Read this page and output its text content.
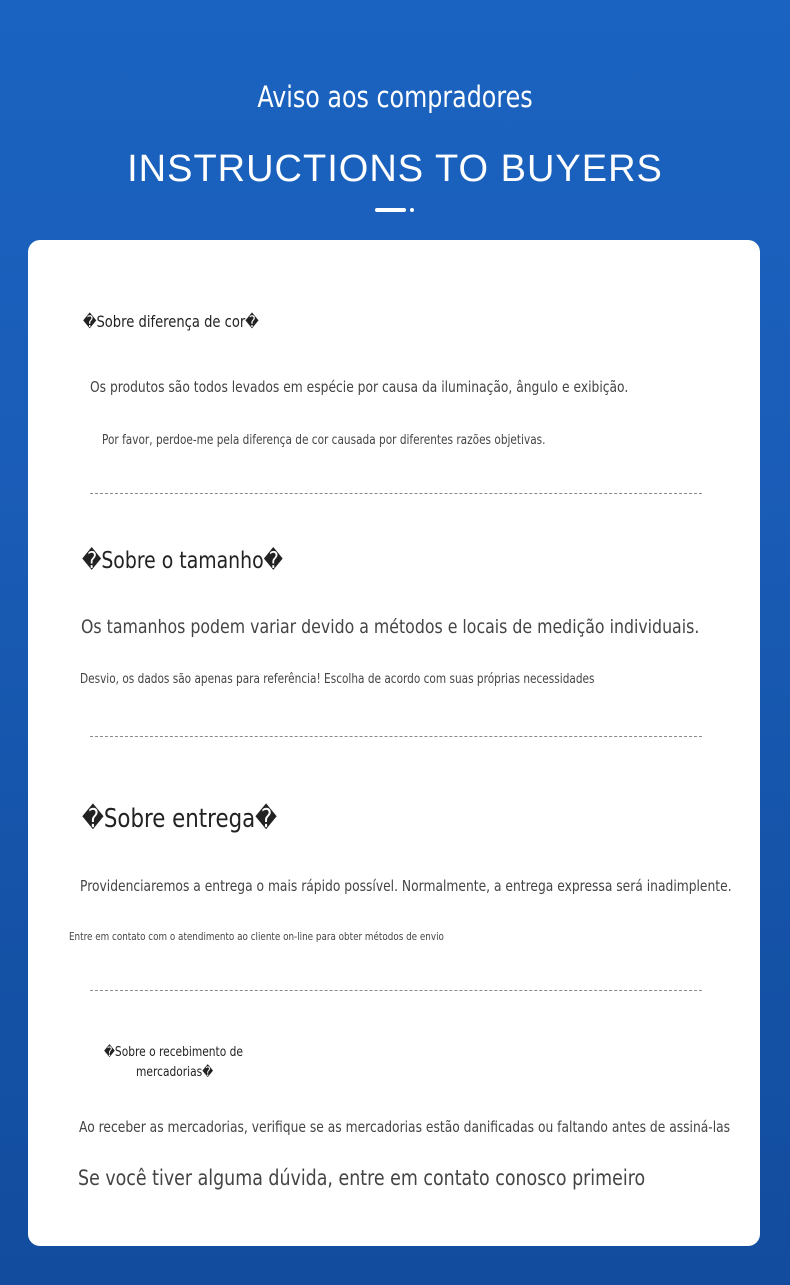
Aviso aos compradores
INSTRUCTIONS TO BUYERS
�Sobre diferença de cor�
Os produtos são todos levados em espécie por causa da iluminação, ângulo e exibição.
Por favor, perdoe-me pela diferença de cor causada por diferentes razões objetivas.
�Sobre o tamanho�
Os tamanhos podem variar devido a métodos e locais de medição individuais.
Desvio, os dados são apenas para referência! Escolha de acordo com suas próprias necessidades
�Sobre entrega�
Providenciaremos a entrega o mais rápido possível. Normalmente, a entrega expressa será inadimplente.
Entre em contato com o atendimento ao cliente on-line para obter métodos de envio
�Sobre o recebimento de
mercadorias�
Ao receber as mercadorias, verifique se as mercadorias estão danificadas ou faltando antes de assiná-las
Se você tiver alguma dúvida, entre em contato conosco primeiro
